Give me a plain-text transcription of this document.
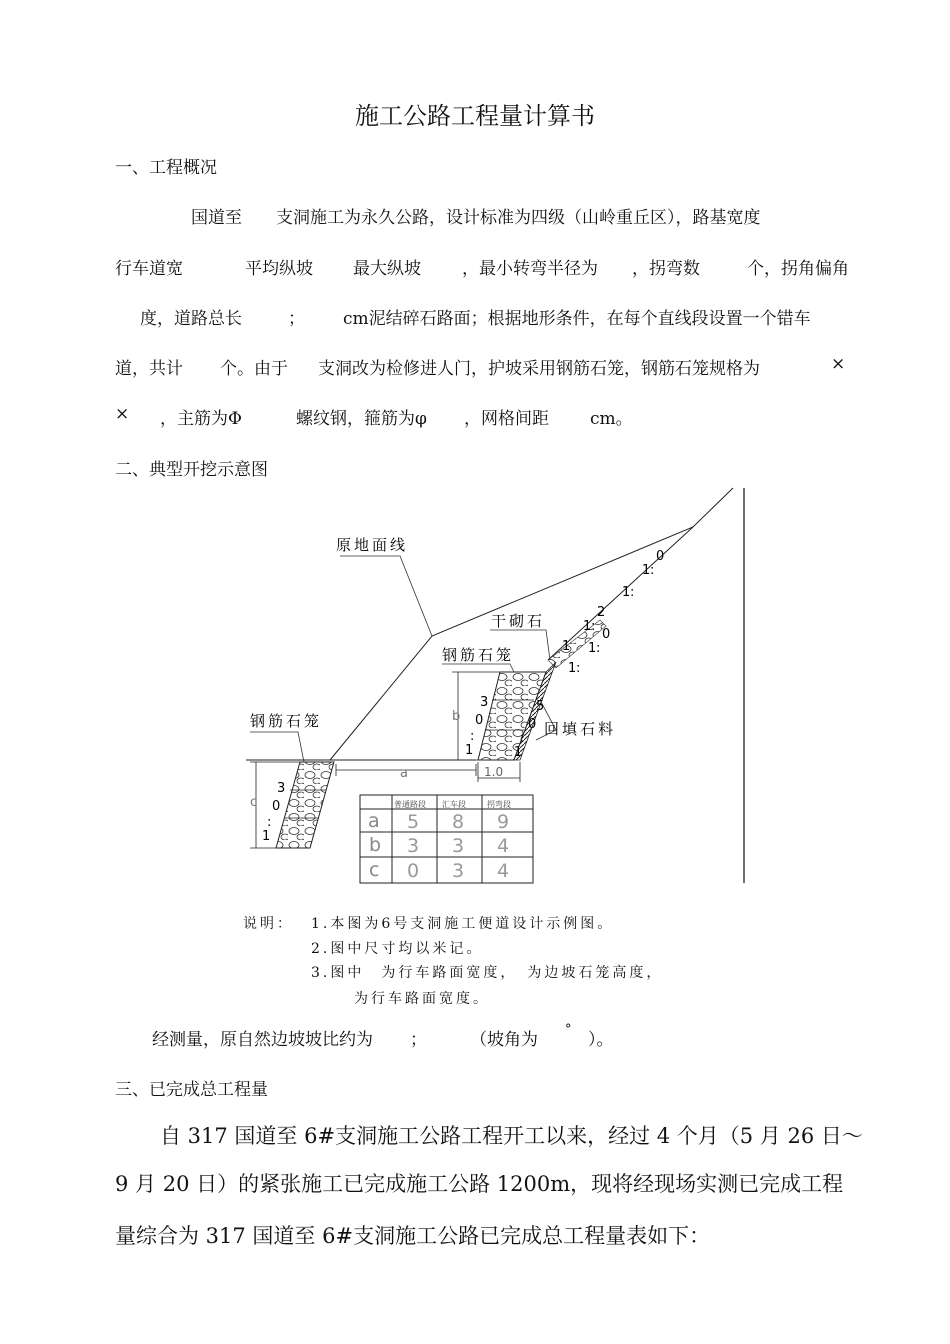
施工公路工程量计算书
一、工程概况
国道至 支洞施工为永久公路，设计标准为四级（山岭重丘区），路基宽度
行车道宽	平均纵坡 最大纵坡 ，最小转弯半径为 ，拐弯数	个，拐角偏角
度，道路总长	； cm泥结碎石路面；根据地形条件，在每个直线段设置一个错车
道，共计 个。由于 支洞改为检修进人门，护坡采用钢筋石笼，钢筋石笼规格为	×
× ，主筋为Φ	螺纹钢，箍筋为φ ，网格间距 cm。
二、典型开挖示意图
原地面线
干砌石
钢筋石笼
钢筋石笼	回填石料
a
b
c
1.0
0
1 :
1 :
2
1 :
0
1 :
1
1 :
5
0
:
1
3
0
:
1
3
0
:
1
普通路段 汇车段	拐弯段
a 5 8 9
b 3 3 4
c 0 3 4
说明： 1.本图为6号支洞施工便道设计示例图。
2.图中尺寸均以米记。
3.图中　为行车路面宽度，　为边坡石笼高度，
为行车路面宽度。
经测量，原自然边坡坡比约为 ；	（坡角为
°
）。
三、已完成总工程量
自 317 国道至 6#支洞施工公路工程开工以来，经过 4 个月（5 月 26 日～
9 月 20 日）的紧张施工已完成施工公路 1200m，现将经现场实测已完成工程
量综合为 317 国道至 6#支洞施工公路已完成总工程量表如下：
